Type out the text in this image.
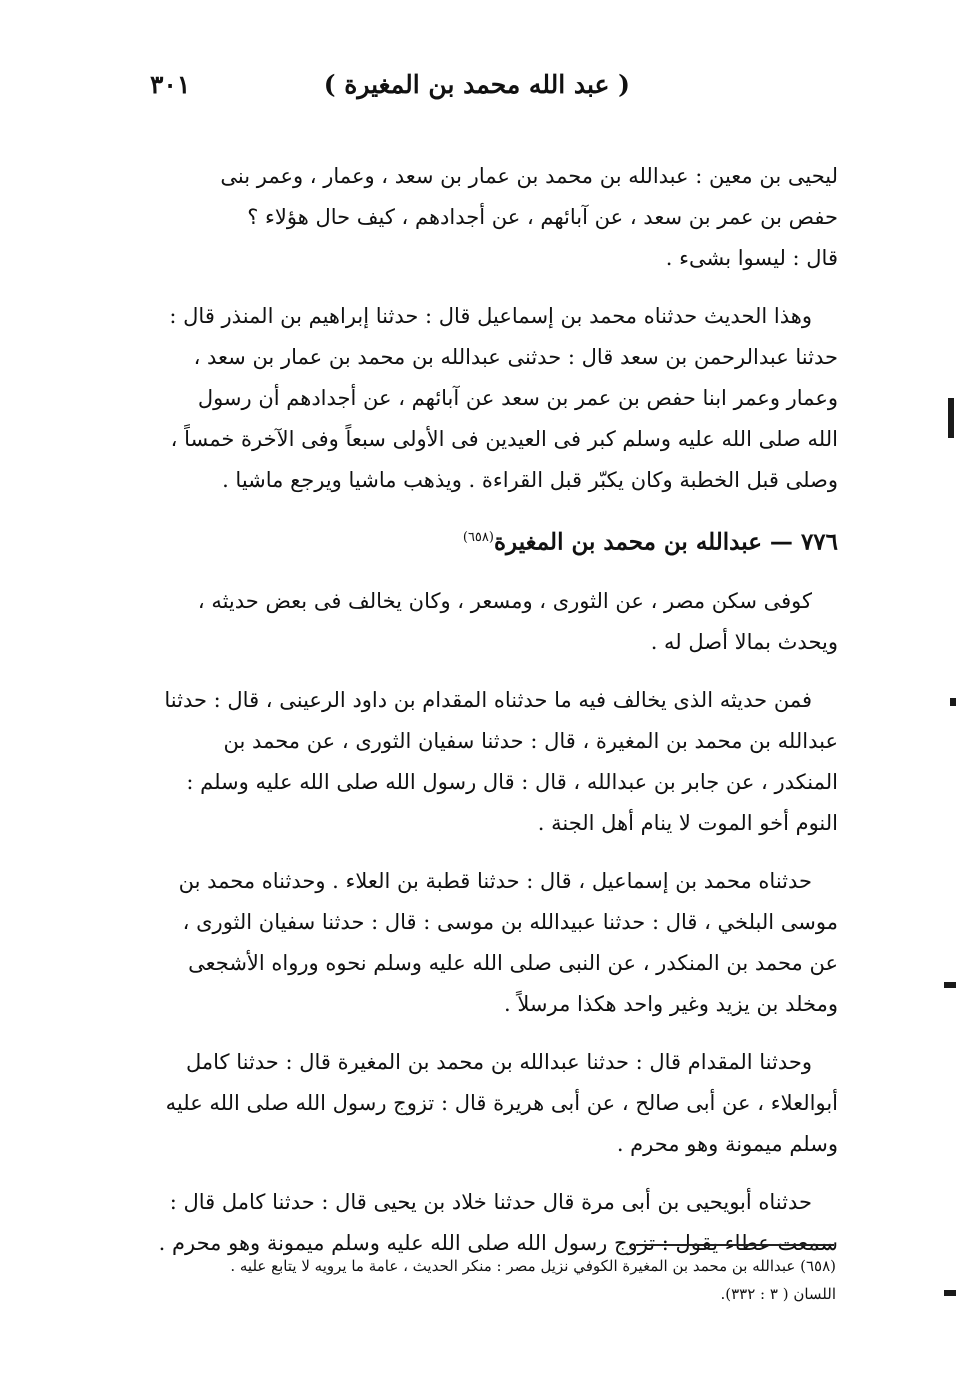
( عبد الله محمد بن المغيرة )
٣٠١

ليحيى بن معين : عبدالله بن محمد بن عمار بن سعد ، وعمار ، وعمر بنى
حفص بن عمر بن سعد ، عن آبائهم ، عن أجدادهم ، كيف حال هؤلاء ؟
قال : ليسوا بشىء .

وهذا الحديث حدثناه محمد بن إسماعيل قال : حدثنا إبراهيم بن المنذر قال :
حدثنا عبدالرحمن بن سعد قال : حدثنى عبدالله بن محمد بن عمار بن سعد ،
وعمار وعمر ابنا حفص بن عمر بن سعد عن آبائهم ، عن أجدادهم أن رسول
الله صلى الله عليه وسلم كبر فى العيدين فى الأولى سبعاً وفى الآخرة خمساً ،
وصلى قبل الخطبة وكان يكبّر قبل القراءة . ويذهب ماشيا ويرجع ماشيا .

٧٧٦ — عبدالله بن محمد بن المغيرة$^{(٦٥٨)}$

كوفى سكن مصر ، عن الثورى ، ومسعر ، وكان يخالف فى بعض حديثه ،
ويحدث بمالا أصل له .

فمن حديثه الذى يخالف فيه ما حدثناه المقدام بن داود الرعينى ، قال : حدثنا
عبدالله بن محمد بن المغيرة ، قال : حدثنا سفيان الثورى ، عن محمد بن
المنكدر ، عن جابر بن عبدالله ، قال : قال رسول الله صلى الله عليه وسلم :
النوم أخو الموت لا ينام أهل الجنة .

حدثناه محمد بن إسماعيل ، قال : حدثنا قطبة بن العلاء . وحدثناه محمد بن
موسى البلخي ، قال : حدثنا عبيدالله بن موسى : قال : حدثنا سفيان الثورى ،
عن محمد بن المنكدر ، عن النبى صلى الله عليه وسلم نحوه ورواه الأشجعى
ومخلد بن يزيد وغير واحد هكذا مرسلاً .

وحدثنا المقدام قال : حدثنا عبدالله بن محمد بن المغيرة قال : حدثنا كامل
أبوالعلاء ، عن أبى صالح ، عن أبى هريرة قال : تزوج رسول الله صلى الله عليه
وسلم ميمونة وهو محرم .

حدثناه أبويحيى بن أبى مرة قال حدثنا خلاد بن يحيى قال : حدثنا كامل قال :
سمعت عطاء يقول : تزوج رسول الله صلى الله عليه وسلم ميمونة وهو محرم .

(٦٥٨) عبدالله بن محمد بن المغيرة الكوفي نزيل مصر : منكر الحديث ، عامة ما يرويه لا يتابع عليه .
اللسان ( ٣ : ٣٣٢).
